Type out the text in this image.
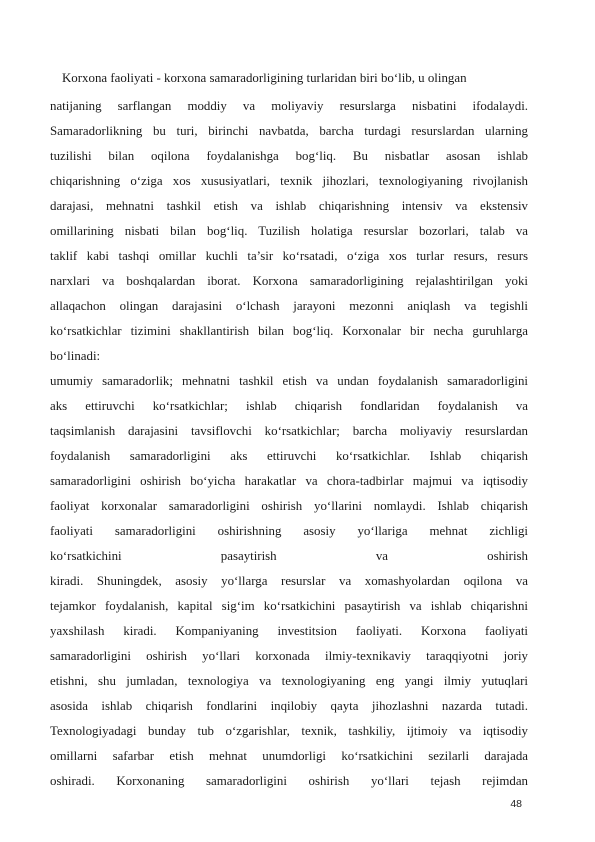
Korxona faoliyati - korxona samaradorligining turlaridan biri bo‘lib, u olingan
natijaning sarflangan moddiy va moliyaviy resurslarga nisbatini ifodalaydi.
Samaradorlikning bu turi, birinchi navbatda, barcha turdagi resurslardan ularning
tuzilishi bilan oqilona foydalanishga bog‘liq. Bu nisbatlar asosan ishlab
chiqarishning o‘ziga xos xususiyatlari, texnik jihozlari, texnologiyaning rivojlanish
darajasi, mehnatni tashkil etish va ishlab chiqarishning intensiv va ekstensiv
omillarining nisbati bilan bog‘liq. Tuzilish holatiga resurslar bozorlari, talab va
taklif kabi tashqi omillar kuchli ta’sir ko‘rsatadi, o‘ziga xos turlar resurs, resurs
narxlari va boshqalardan iborat. Korxona samaradorligining rejalashtirilgan yoki
allaqachon olingan darajasini o‘lchash jarayoni mezonni aniqlash va tegishli
ko‘rsatkichlar tizimini shakllantirish bilan bog‘liq. Korxonalar bir necha guruhlarga
bo‘linadi:
umumiy samaradorlik; mehnatni tashkil etish va undan foydalanish samaradorligini
aks ettiruvchi ko‘rsatkichlar; ishlab chiqarish fondlaridan foydalanish va
taqsimlanish darajasini tavsiflovchi ko‘rsatkichlar; barcha moliyaviy resurslardan
foydalanish samaradorligini aks ettiruvchi ko‘rsatkichlar. Ishlab chiqarish
samaradorligini oshirish bo‘yicha harakatlar va chora-tadbirlar majmui va iqtisodiy
faoliyat korxonalar samaradorligini oshirish yo‘llarini nomlaydi. Ishlab chiqarish
faoliyati samaradorligini oshirishning asosiy yo‘llariga mehnat zichligi
ko‘rsatkichini pasaytirish va oshirish
kiradi. Shuningdek, asosiy yo‘llarga resurslar va xomashyolardan oqilona va
tejamkor foydalanish, kapital sig‘im ko‘rsatkichini pasaytirish va ishlab chiqarishni
yaxshilash kiradi. Kompaniyaning investitsion faoliyati. Korxona faoliyati
samaradorligini oshirish yo‘llari korxonada ilmiy-texnikaviy taraqqiyotni joriy
etishni, shu jumladan, texnologiya va texnologiyaning eng yangi ilmiy yutuqlari
asosida ishlab chiqarish fondlarini inqilobiy qayta jihozlashni nazarda tutadi.
Texnologiyadagi bunday tub o‘zgarishlar, texnik, tashkiliy, ijtimoiy va iqtisodiy
omillarni safarbar etish mehnat unumdorligi ko‘rsatkichini sezilarli darajada
oshiradi. Korxonaning samaradorligini oshirish yo‘llari tejash rejimdan
48
